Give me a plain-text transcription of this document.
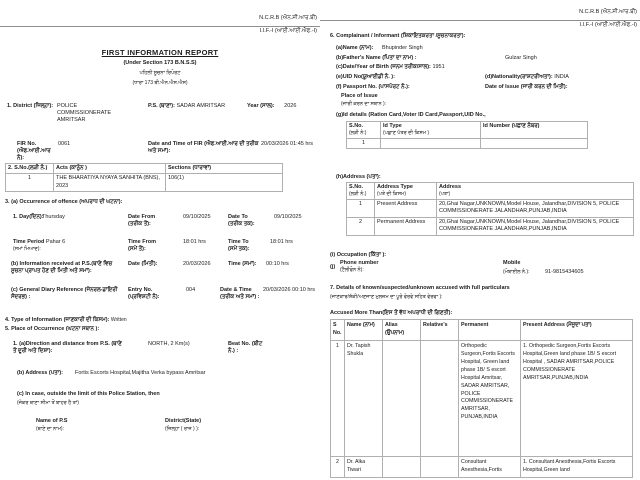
N.C.R.B (ਐਨ.ਸੀ.ਆਰ.ਬੀ)
I.I.F.-I (ਆਈ.ਆਈ.ਐਫ.-I)
FIRST INFORMATION REPORT
(Under Section 173 B.N.S.S)
ਪਹਿਲੀ ਸੂਚਨਾ ਰਿਪੋਰਟ
(ਧਾਰਾ 173 ਬੀ.ਐਨ.ਐਸ.ਐਸ)
1. District (ਜਿਲ੍ਹਾ): POLICE COMMISSIONERATE AMRITSAR
P.S. (ਥਾਣਾ): SADAR AMRITSAR	Year (ਸਾਲ): 2026
FIR No. (ਐਫ.ਆਈ.ਆਰ ਨੰ):
0061	Date and Time of FIR (ਐਫ.ਆਈ.ਆਰ ਦੀ ਤਰੀਕ ਅਤੇ ਸਮਾਂ):
20/03/2026 01:45 hrs
2. S.No.(ਲੜੀ ਨੰ.)	Acts (ਕਾਨੂੰਨ )	Sections (ਧਾਰਾਵਾਂ)
1	THE BHARATIYA NYAYA SANHITA (BNS), 2023	106(1)
3. (a) Occurrence of offence (ਅਪਰਾਧ ਦੀ ਘਟਨਾ):
1. Day(ਦਿਨ):
Thursday	Date From (ਤਰੀਕ ਤੋਂ):
09/10/2025	Date To (ਤਰੀਕ ਤਕ):
09/10/2025
Time Period Pahar 6
(ਸਮਾਂ ਮਿਆਦ):
Time From (ਸਮੇਂ ਤੋਂ):
18:01 hrs	Time To (ਸਮੇਂ ਤਕ):
18:01 hrs
(b) Information received at P.S.(ਥਾਣੇ ਵਿਚ ਸੂਚਨਾ ਪ੍ਰਾਪਤ ਹੋਣ ਦੀ ਮਿਤੀ ਅਤੇ ਸਮਾਂ):
Date (ਮਿਤੀ):	20/03/2026	Time (ਸਮਾਂ):	00:10 hrs
(c) General Diary Reference (ਜੇਨਰਲ-ਡਾਇਰੀ ਸੰਦਰਭ) :
Entry No. (ਪ੍ਰਵਿਸ਼ਟੀ ਨੰ):
004	Date & Time (ਤਰੀਕ ਅਤੇ ਸਮਾਂ) :
20/03/2026 00:10 hrs
4. Type of Information (ਜਾਣਕਾਰੀ ਦੀ ਕਿਸਮ): Written
5. Place of Occurrence (ਘਟਨਾ ਸਥਾਨ ):
1. (a)Direction and distance from P.S. (ਥਾਣੇ ਤੋਂ ਦੂਰੀ ਅਤੇ ਦਿਸ਼ਾ):
NORTH, 2 Km(s)	Beat No. (ਬੀਟ ਨੰ.) :
(b) Address (ਪਤਾ):	Fortis Escorts Hospital,Majitha Verka bypass Amritsar
(c) In case, outside the limit of this Police Station, then
(ਜੇਕਰ ਥਾਣਾ ਸੀਮਾ ਤੋਂ ਬਾਹਰ ਹੈ ਤਾਂ)
Name of P.S
(ਥਾਣੇ ਦਾ ਨਾਮ):
District(State)
(ਜਿਲ੍ਹਾ ( ਰਾਜ ) ):
N.C.R.B (ਐਨ.ਸੀ.ਆਰ.ਬੀ)
I.I.F.-I (ਆਈ.ਆਈ.ਐਫ.-I)
6. Complainant / Informant (ਸ਼ਿਕਾਇਤਕਰਤਾ /ਸੂਚਨਾਕਰਤਾ):
(a)Name (ਨਾਮ): Bhupinder Singh
(b)Father's Name (ਪਿਤਾ ਦਾ ਨਾਮ) :	Gulzar Singh
(c)Date/Year of Birth (ਜਨਮ ਤਰੀਕ/ਸਾਲ): 1951
(e)UID No(ਯੂਆਈਡੀ ਨੰ. ):	(d)Nationality(ਰਾਸ਼ਟਰੀਅਤਾ): INDIA
(f) Passport No. (ਪਾਸਪੋਰਟ ਨੰ.):	Date of Issue (ਜਾਰੀ ਕਰਨ ਦੀ ਮਿਤੀ):
Place of Issue
(ਜਾਰੀ ਕਰਨ ਦਾ ਸਥਾਨ ):
(g)Id details (Ration Card,Voter ID Card,Passport,UID No.,
S.No.
(ਲੜੀ ਨੰ:)

Id Type
(ਪਛਾਣ ਪੱਤਰ ਦੀ ਕਿਸਮ )
	Id Number (ਪਛਾਣ ਨੰਬਰ)
1		
(h)Address (ਪਤਾ):
S.No.
(ਲੜੀ ਨੰ.)

Address Type
(ਪਤੇ ਦੀ ਕਿਸਮ)

Address
(ਪਤਾ)

1	Present Address	20,Ghai Nagar,UNKNOWN,Model House, Jalandhar,DIVISION 5, POLICE COMMISSIONERATE JALANDHAR,PUNJAB,INDIA
2	Permanent Address	20,Ghai Nagar,UNKNOWN,Model House, Jalandhar,DIVISION 5, POLICE COMMISSIONERATE JALANDHAR,PUNJAB,INDIA
(i) Occupation (ਕਿੱਤਾ ):
(j)
Phone number
(ਟੈਲੀਫੋਨ ਨੰ):
Mobile
(ਮੋਬਾਈਲ ਨੰ.):	91-9815434605
7. Details of known/suspected/unknown accused with full particulars
(ਜਾਣਕਾਰ/ਸ਼ੱਕੀ/ਅਣਜਾਣ ਮੁਲਜ਼ਮ ਦਾ ਪੂਰੇ ਵੇਰਵੇ ਸਹਿਤ ਵੇਰਵਾ ):
Accused More Than(ਇਸ ਤੋਂ ਵੱਧ ਅਪਰਾਧੀ ਦੀ ਗਿਣਤੀ):
S No.	Name (ਨਾਮ)	Alias (ਉਪਨਾਮ)	Relative's	Permanent	Present Address (ਮੌਜੂਦਾ ਪਤਾ)
1	Dr. Tapish Shukla			Orthopedic Surgeon,Fortis Escorts Hospital, Green land phase 1B/ S escort Hospital Amritsar, SADAR AMRITSAR, POLICE COMMISSIONERATE AMRITSAR, PUNJAB,INDIA	1. Orthopedic Surgeon,Fortis Escorts Hospital,Green land phase 1B/ S escort Hospital , SADAR AMRITSAR,POLICE COMMISSIONERATE AMRITSAR,PUNJAB,INDIA
2	Dr. Alka Tiwari			Consultant Anesthesia,Fortis	1. Consultant Anesthesia,Fortis Escorts Hospital,Green land
